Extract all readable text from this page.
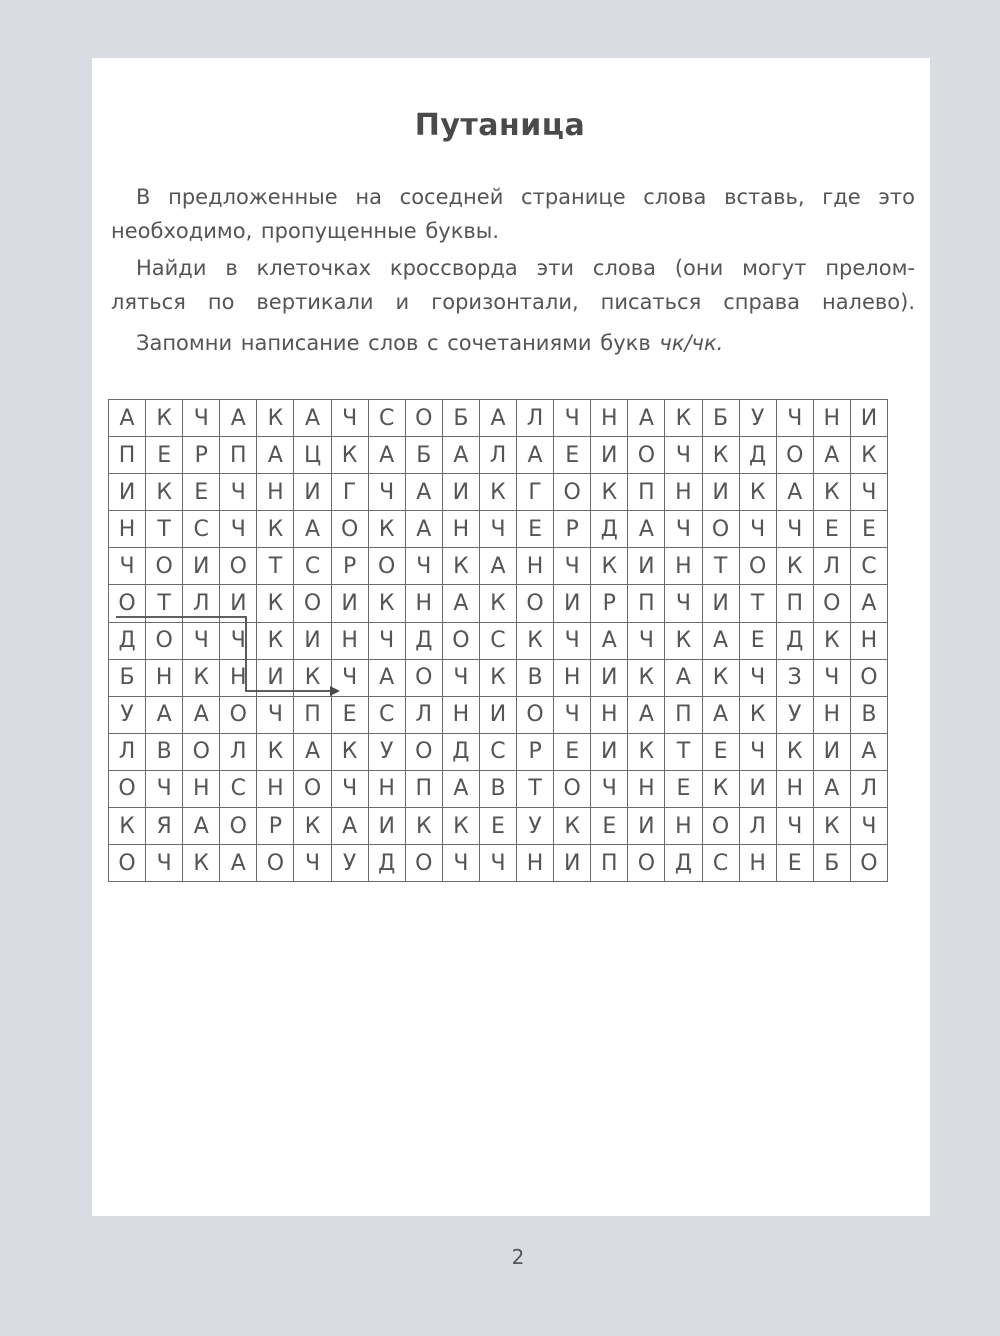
Путаница
В предложенные на соседней странице слова вставь, где это
необходимо, пропущенные буквы.
Найди в клеточках кроссворда эти слова (они могут прелом-
ляться по вертикали и горизонтали, писаться справа налево).
Запомни написание слов с сочетаниями букв чк/чк.
А	К	Ч	А	К	А	Ч	С	О	Б	А	Л	Ч	Н	А	К	Б	У	Ч	Н	И
П	Е	Р	П	А	Ц	К	А	Б	А	Л	А	Е	И	О	Ч	К	Д	О	А	К
И	К	Е	Ч	Н	И	Г	Ч	А	И	К	Г	О	К	П	Н	И	К	А	К	Ч
Н	Т	С	Ч	К	А	О	К	А	Н	Ч	Е	Р	Д	А	Ч	О	Ч	Ч	Е	Е
Ч	О	И	О	Т	С	Р	О	Ч	К	А	Н	Ч	К	И	Н	Т	О	К	Л	С
О	Т	Л	И	К	О	И	К	Н	А	К	О	И	Р	П	Ч	И	Т	П	О	А
Д	О	Ч	Ч	К	И	Н	Ч	Д	О	С	К	Ч	А	Ч	К	А	Е	Д	К	Н
Б	Н	К	Н	И	К	Ч	А	О	Ч	К	В	Н	И	К	А	К	Ч	З	Ч	О
У	А	А	О	Ч	П	Е	С	Л	Н	И	О	Ч	Н	А	П	А	К	У	Н	В
Л	В	О	Л	К	А	К	У	О	Д	С	Р	Е	И	К	Т	Е	Ч	К	И	А
О	Ч	Н	С	Н	О	Ч	Н	П	А	В	Т	О	Ч	Н	Е	К	И	Н	А	Л
К	Я	А	О	Р	К	А	И	К	К	Е	У	К	Е	И	Н	О	Л	Ч	К	Ч
О	Ч	К	А	О	Ч	У	Д	О	Ч	Ч	Н	И	П	О	Д	С	Н	Е	Б	О
2
